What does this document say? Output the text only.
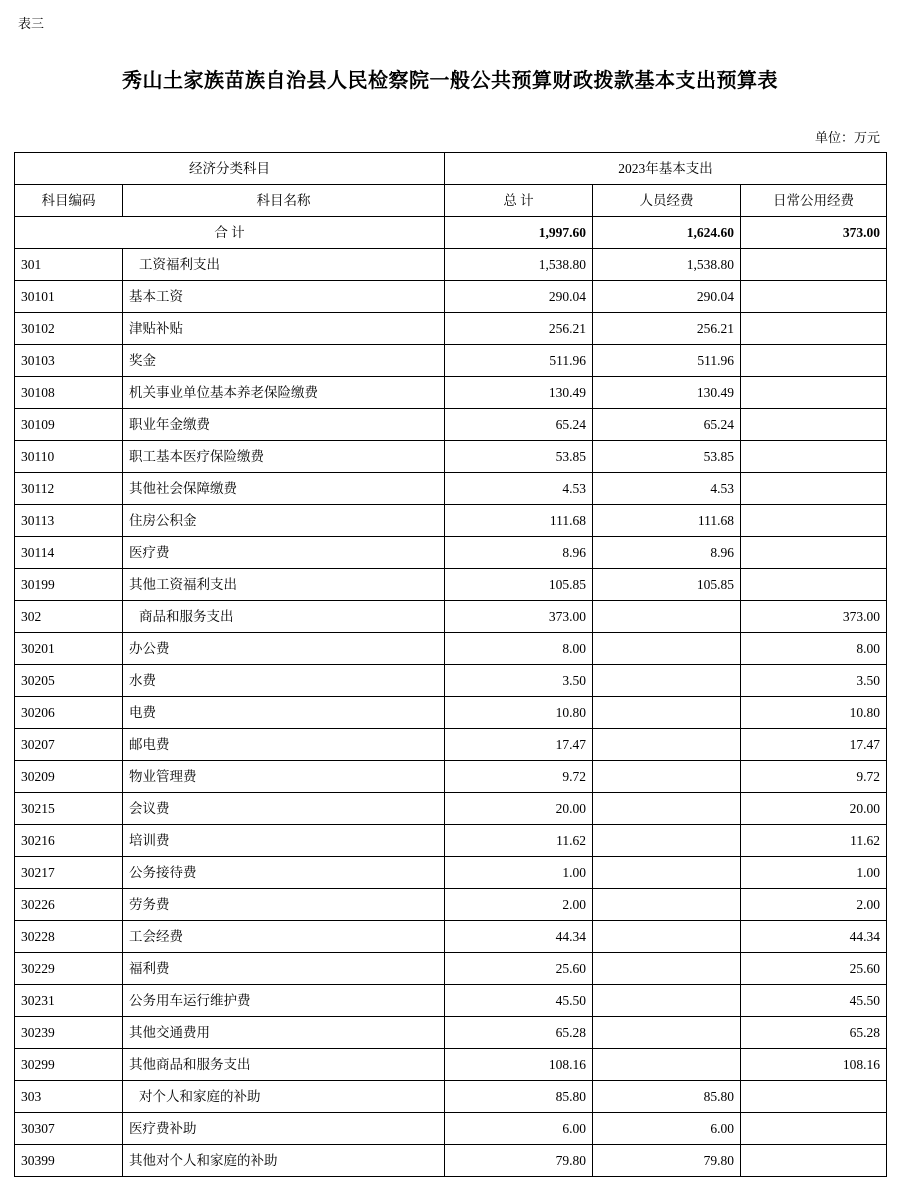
表三
秀山土家族苗族自治县人民检察院一般公共预算财政拨款基本支出预算表
单位：万元
经济分类科目		2023年基本支出		
科目编码	科目名称	总 计	人员经费	日常公用经费
合 计		1,997.60	1,624.60	373.00
301	工资福利支出	1,538.80	1,538.80	
30101	基本工资	290.04	290.04	
30102	津贴补贴	256.21	256.21	
30103	奖金	511.96	511.96	
30108	机关事业单位基本养老保险缴费	130.49	130.49	
30109	职业年金缴费	65.24	65.24	
30110	职工基本医疗保险缴费	53.85	53.85	
30112	其他社会保障缴费	4.53	4.53	
30113	住房公积金	111.68	111.68	
30114	医疗费	8.96	8.96	
30199	其他工资福利支出	105.85	105.85	
302	商品和服务支出	373.00		373.00
30201	办公费	8.00		8.00
30205	水费	3.50		3.50
30206	电费	10.80		10.80
30207	邮电费	17.47		17.47
30209	物业管理费	9.72		9.72
30215	会议费	20.00		20.00
30216	培训费	11.62		11.62
30217	公务接待费	1.00		1.00
30226	劳务费	2.00		2.00
30228	工会经费	44.34		44.34
30229	福利费	25.60		25.60
30231	公务用车运行维护费	45.50		45.50
30239	其他交通费用	65.28		65.28
30299	其他商品和服务支出	108.16		108.16
303	对个人和家庭的补助	85.80	85.80	
30307	医疗费补助	6.00	6.00	
30399	其他对个人和家庭的补助	79.80	79.80	
